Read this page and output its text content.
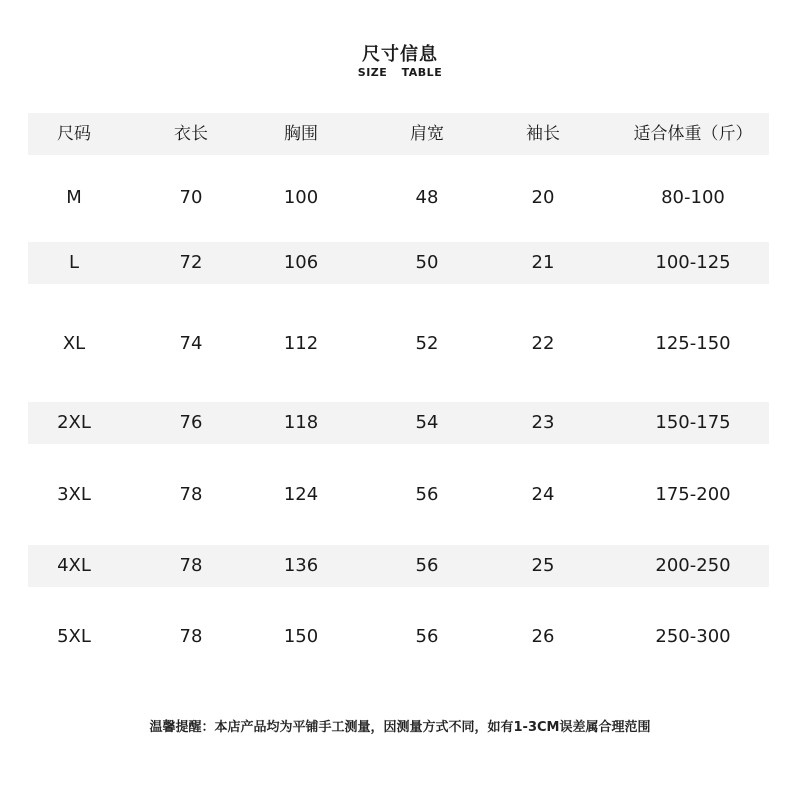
尺寸信息
SIZE TABLE
尺码	衣长	胸围	肩宽	袖长	适合体重（斤）
M	70	100	48	20	80-100
L	72	106	50	21	100-125
XL	74	112	52	22	125-150
2XL	76	118	54	23	150-175
3XL	78	124	56	24	175-200
4XL	78	136	56	25	200-250
5XL	78	150	56	26	250-300
温馨提醒：本店产品均为平铺手工测量，因测量方式不同，如有1-3CM误差属合理范围
